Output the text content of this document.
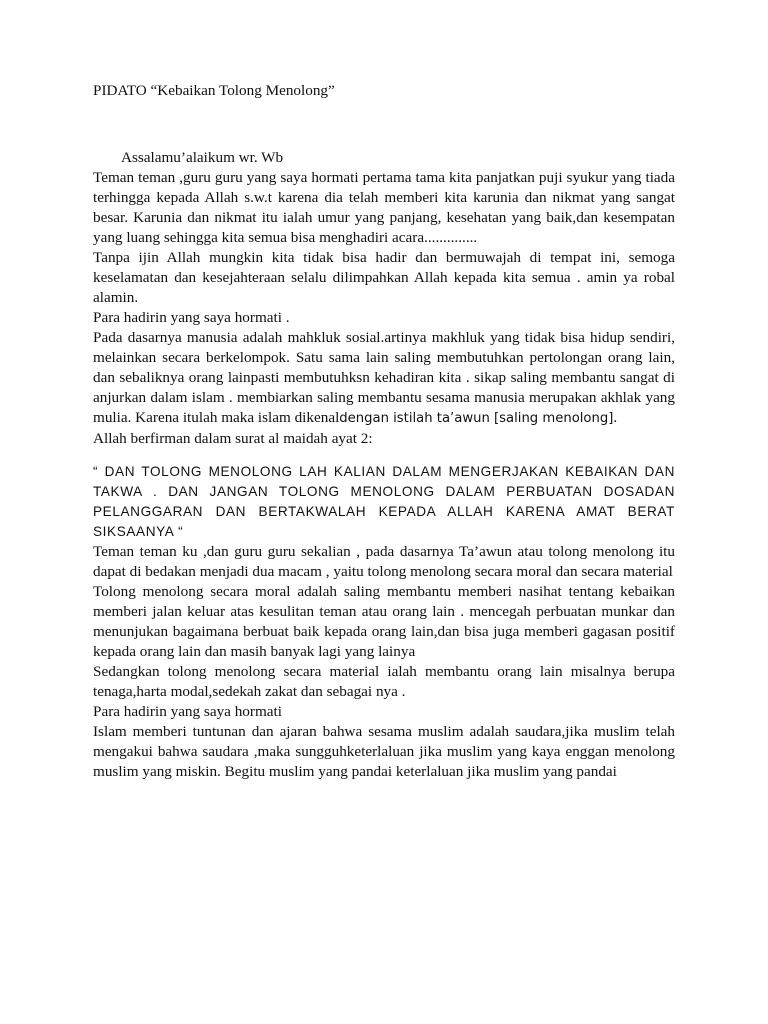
PIDATO “Kebaikan Tolong Menolong”
Assalamu’alaikum wr. Wb

Teman teman ,guru guru yang saya hormati pertama tama kita panjatkan puji syukur yang tiada terhingga kepada Allah s.w.t karena dia telah memberi kita karunia dan nikmat yang sangat besar. Karunia dan nikmat itu ialah umur yang panjang, kesehatan yang baik,dan kesempatan yang luang sehingga kita semua bisa menghadiri acara..............

Tanpa ijin Allah mungkin kita tidak bisa hadir dan bermuwajah di tempat ini, semoga keselamatan dan kesejahteraan selalu dilimpahkan Allah kepada kita semua . amin ya robal alamin.

Para hadirin yang saya hormati .

Pada dasarnya manusia adalah mahkluk sosial.artinya makhluk yang tidak bisa hidup sendiri, melainkan secara berkelompok. Satu sama lain saling membutuhkan pertolongan orang lain, dan sebaliknya orang lainpasti membutuhksn kehadiran kita . sikap saling membantu sangat di anjurkan dalam islam . membiarkan saling membantu sesama manusia merupakan akhlak yang mulia. Karena itulah maka islam dikenaldengan istilah ta’awun [saling menolong].

Allah berfirman dalam surat al maidah ayat 2:

“ DAN TOLONG MENOLONG LAH KALIAN DALAM MENGERJAKAN KEBAIKAN DAN TAKWA . DAN JANGAN TOLONG MENOLONG DALAM PERBUATAN DOSADAN PELANGGARAN DAN BERTAKWALAH KEPADA ALLAH KARENA AMAT BERAT SIKSAANYA “

Teman teman ku ,dan guru guru sekalian , pada dasarnya Ta’awun atau tolong menolong itu dapat di bedakan menjadi dua macam , yaitu tolong menolong secara moral dan secara material

Tolong menolong secara moral adalah saling membantu memberi nasihat tentang kebaikan memberi jalan keluar atas kesulitan teman atau orang lain . mencegah perbuatan munkar dan menunjukan bagaimana berbuat baik kepada orang lain,dan bisa juga memberi gagasan positif kepada orang lain dan masih banyak lagi yang lainya

Sedangkan tolong menolong secara material ialah membantu orang lain misalnya berupa tenaga,harta modal,sedekah zakat dan sebagai nya .

Para hadirin yang saya hormati

Islam memberi tuntunan dan ajaran bahwa sesama muslim adalah saudara,jika muslim telah mengakui bahwa saudara ,maka sungguhketerlaluan jika muslim yang kaya enggan menolong muslim yang miskin. Begitu muslim yang pandai keterlaluan jika muslim yang pandai
